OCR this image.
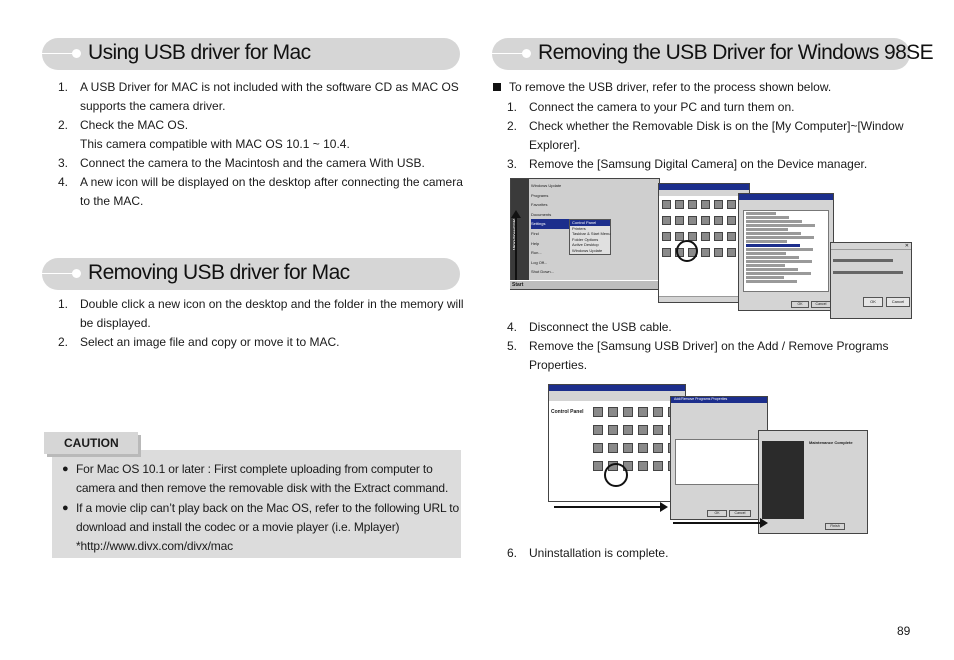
Using USB driver for Mac
1. A USB Driver for MAC is not included with the software CD as MAC OS
supports the camera driver.
2. Check the MAC OS.
This camera compatible with MAC OS 10.1 ~ 10.4.
3. Connect the camera to the Macintosh and the camera With USB.
4. A new icon will be displayed on the desktop after connecting the camera
to the MAC.
Removing USB driver for Mac
1. Double click a new icon on the desktop and the folder in the memory will
be displayed.
2. Select an image file and copy or move it to MAC.
● For Mac OS 10.1 or later : First complete uploading from computer to
camera and then remove the removable disk with the Extract command.
● If a movie clip can’t play back on the Mac OS, refer to the following URL to
download and install the codec or a movie player (i.e. Mplayer)
*http://www.divx.com/divx/mac
CAUTION
Removing the USB Driver for Windows 98SE
To remove the USB driver, refer to the process shown below.
1. Connect the camera to your PC and turn them on.
2. Check whether the Removable Disk is on the [My Computer]~[Window
Explorer].
3. Remove the [Samsung Digital Camera] on the Device manager.
Windows Update
Programs
Favorites
Documents
Settings
Find
Help
Run...
Log Off...
Shut Down...
Control Panel
Printers
Taskbar & Start Menu
Folder Options
Active Desktop
Windows Update
Start
OK	Cancel
✕
OK	Cancel
4. Disconnect the USB cable.
5. Remove the [Samsung USB Driver] on the Add / Remove Programs
Properties.
Control Panel
Add/Remove Programs Properties
OK	Cancel
Maintenance Complete
Finish
6. Uninstallation is complete.
89
